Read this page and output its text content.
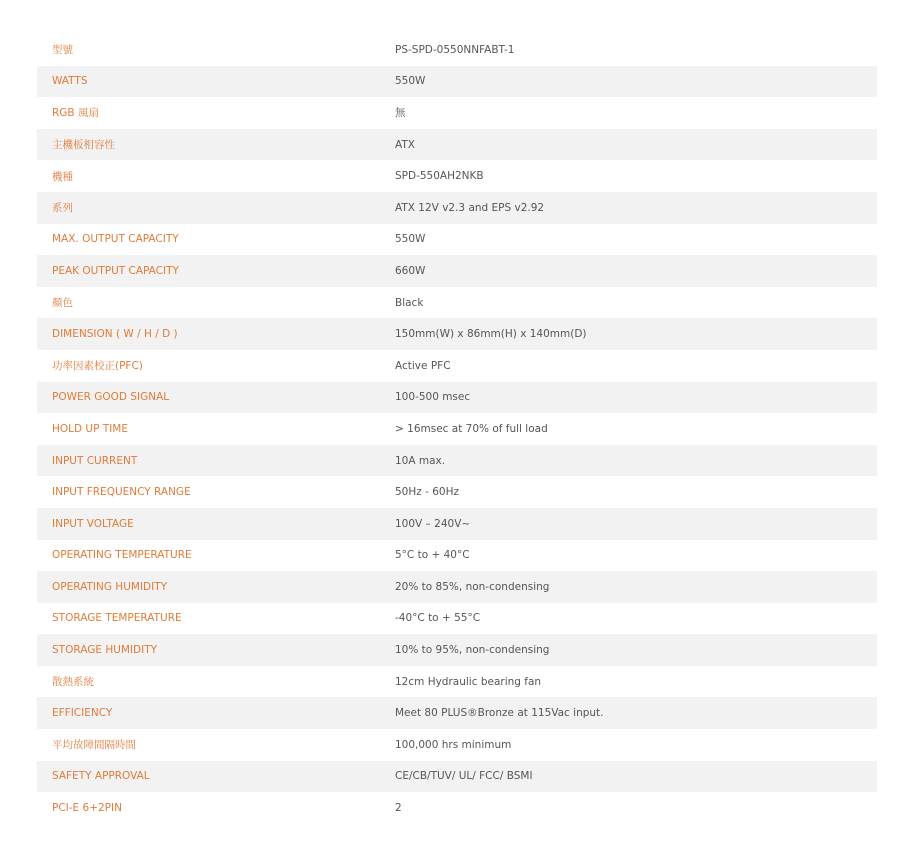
型號	PS-SPD-0550NNFABT-1
WATTS	550W
RGB 風扇	無
主機板相容性	ATX
機種	SPD-550AH2NKB
系列	ATX 12V v2.3 and EPS v2.92
MAX. OUTPUT CAPACITY	550W
PEAK OUTPUT CAPACITY	660W
顏色	Black
DIMENSION ( W / H / D )	150mm(W) x 86mm(H) x 140mm(D)
功率因素校正(PFC)	Active PFC
POWER GOOD SIGNAL	100-500 msec
HOLD UP TIME	> 16msec at 70% of full load
INPUT CURRENT	10A max.
INPUT FREQUENCY RANGE	50Hz - 60Hz
INPUT VOLTAGE	100V – 240V~
OPERATING TEMPERATURE	5°C to + 40°C
OPERATING HUMIDITY	20% to 85%, non-condensing
STORAGE TEMPERATURE	-40°C to + 55°C
STORAGE HUMIDITY	10% to 95%, non-condensing
散熱系統	12cm Hydraulic bearing fan
EFFICIENCY	Meet 80 PLUS®Bronze at 115Vac input.
平均故障間隔時間	100,000 hrs minimum
SAFETY APPROVAL	CE/CB/TUV/ UL/ FCC/ BSMI
PCI-E 6+2PIN	2
